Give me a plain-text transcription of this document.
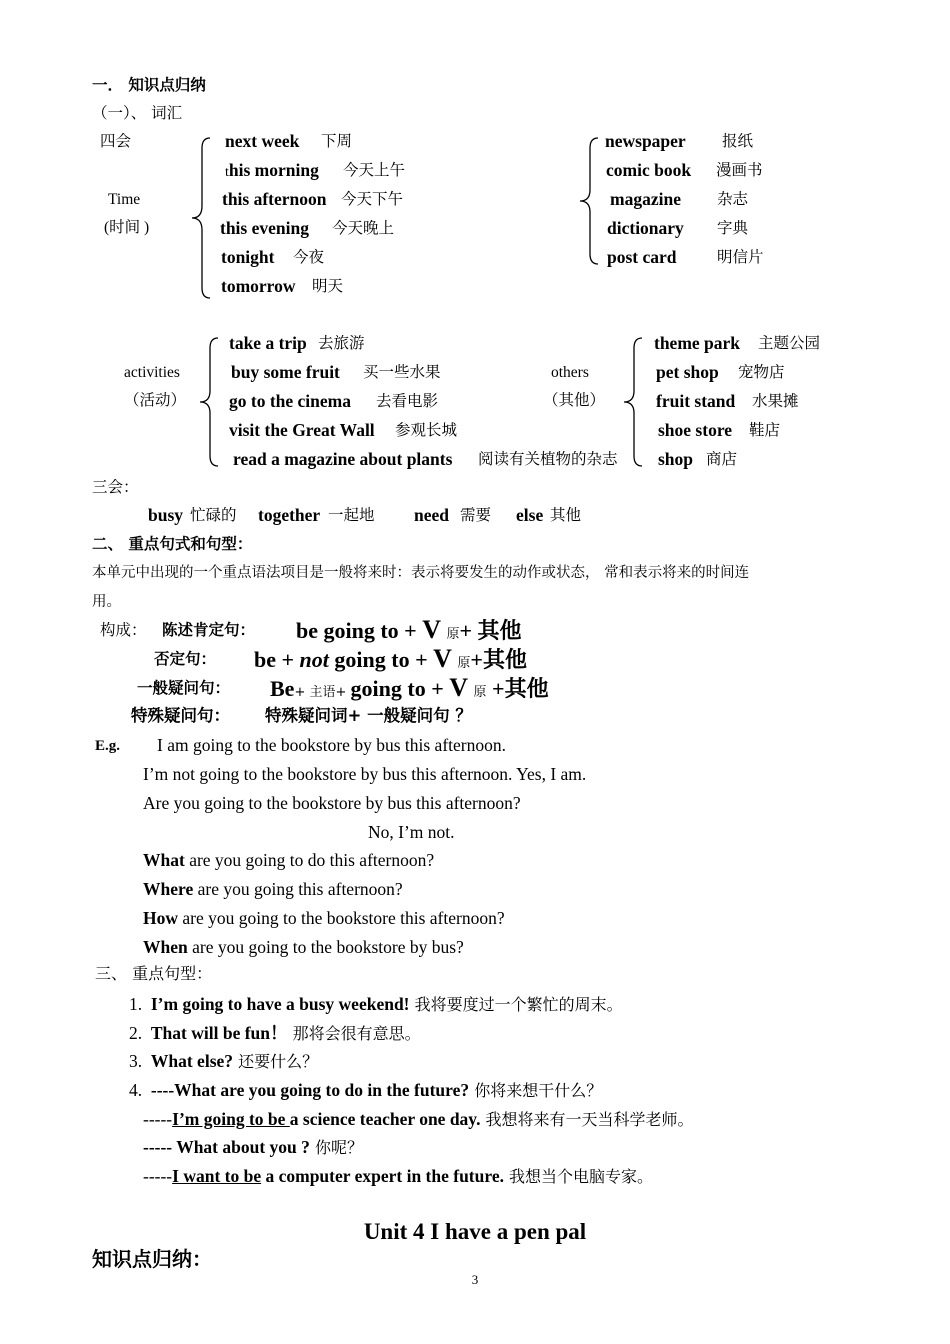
一． 知识点归纳
（一）、 词汇
四会
Time
(时间 )
next week 下周
this morning 今天上午
this afternoon 今天下午
this evening 今天晚上
tonight 今夜
tomorrow 明天
newspaper 报纸
comic book 漫画书
magazine 杂志
dictionary 字典
post card	明信片
activities
（活动）
take a trip 去旅游
buy some fruit 买一些水果
go to the cinema 去看电影
visit the Great Wall 参观长城
read a magazine about plants 阅读有关植物的杂志
others
（其他）
theme park 主题公园
pet shop 宠物店
fruit stand 水果摊
shoe store 鞋店
shop 商店
三会：
busy 忙碌的 together 一起地 need 需要 else 其他
二、 重点句式和句型：
本单元中出现的一个重点语法项目是一般将来时：表示将要发生的动作或状态， 常和表示将来的时间连
用。
构成： 陈述肯定句： be going to + V 原+ 其他
否定句： be + not going to + V 原+其他
一般疑问句： Be+ 主语+ going to + V 原 +其他
特殊疑问句： 特殊疑问词+ 一般疑问句 ？
E.g. I am going to the bookstore by bus this afternoon.
I’m not going to the bookstore by bus this afternoon. Yes, I am.
Are you going to the bookstore by bus this afternoon?
No, I’m not.
What are you going to do this afternoon?
Where are you going this afternoon?
How are you going to the bookstore this afternoon?
When are you going to the bookstore by bus?
三、 重点句型：
1. I’m going to have a busy weekend! 我将要度过一个繁忙的周末。
2. That will be fun！ 那将会很有意思。
3. What else? 还要什么？
4. ----What are you going to do in the future? 你将来想干什么？
-----I’m going to be a science teacher one day. 我想将来有一天当科学老师。
----- What about you ? 你呢？
-----I want to be a computer expert in the future. 我想当个电脑专家。
Unit 4 I have a pen pal
知识点归纳：
3
